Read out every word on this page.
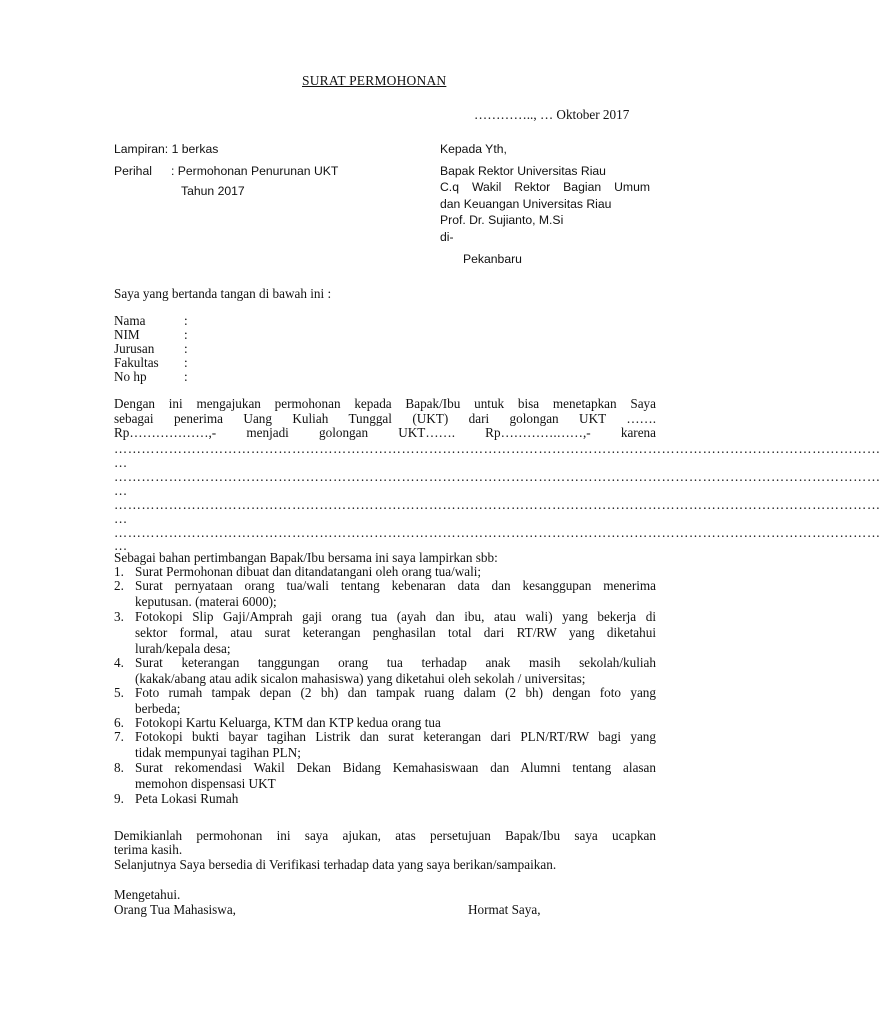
SURAT PERMOHONAN
………….., … Oktober 2017
Lampiran: 1 berkas
Perihal : Permohonan Penurunan UKT
Tahun 2017
Kepada Yth,
Bapak Rektor Universitas Riau
C.q Wakil Rektor Bagian Umum
dan Keuangan Universitas Riau
Prof. Dr. Sujianto, M.Si
di-
Pekanbaru
Saya yang bertanda tangan di bawah ini :
Nama	:
NIM	:
Jurusan :
Fakultas :
No hp	:
Dengan ini mengajukan permohonan kepada Bapak/Ibu untuk bisa menetapkan Saya
sebagai penerima Uang Kuliah Tunggal (UKT) dari golongan UKT …….
Rp………………,- menjadi golongan UKT……. Rp………….……,- karena
……………………………………………………………………………………………………………………………………………………
…
……………………………………………………………………………………………………………………………………………………
…
……………………………………………………………………………………………………………………………………………………
…
……………………………………………………………………………………………………………………………………………………
…
Sebagai bahan pertimbangan Bapak/Ibu bersama ini saya lampirkan sbb:
1. Surat Permohonan dibuat dan ditandatangani oleh orang tua/wali;
2. Surat pernyataan orang tua/wali tentang kebenaran data dan kesanggupan menerima
keputusan. (materai 6000);
3. Fotokopi Slip Gaji/Amprah gaji orang tua (ayah dan ibu, atau wali) yang bekerja di
sektor formal, atau surat keterangan penghasilan total dari RT/RW yang diketahui
lurah/kepala desa;
4. Surat keterangan tanggungan orang tua terhadap anak masih sekolah/kuliah
(kakak/abang atau adik sicalon mahasiswa) yang diketahui oleh sekolah / universitas;
5. Foto rumah tampak depan (2 bh) dan tampak ruang dalam (2 bh) dengan foto yang
berbeda;
6. Fotokopi Kartu Keluarga, KTM dan KTP kedua orang tua
7. Fotokopi bukti bayar tagihan Listrik dan surat keterangan dari PLN/RT/RW bagi yang
tidak mempunyai tagihan PLN;
8. Surat rekomendasi Wakil Dekan Bidang Kemahasiswaan dan Alumni tentang alasan
memohon dispensasi UKT
9. Peta Lokasi Rumah
Demikianlah permohonan ini saya ajukan, atas persetujuan Bapak/Ibu saya ucapkan
terima kasih.
Selanjutnya Saya bersedia di Verifikasi terhadap data yang saya berikan/sampaikan.
Mengetahui.
Orang Tua Mahasiswa,	Hormat Saya,
